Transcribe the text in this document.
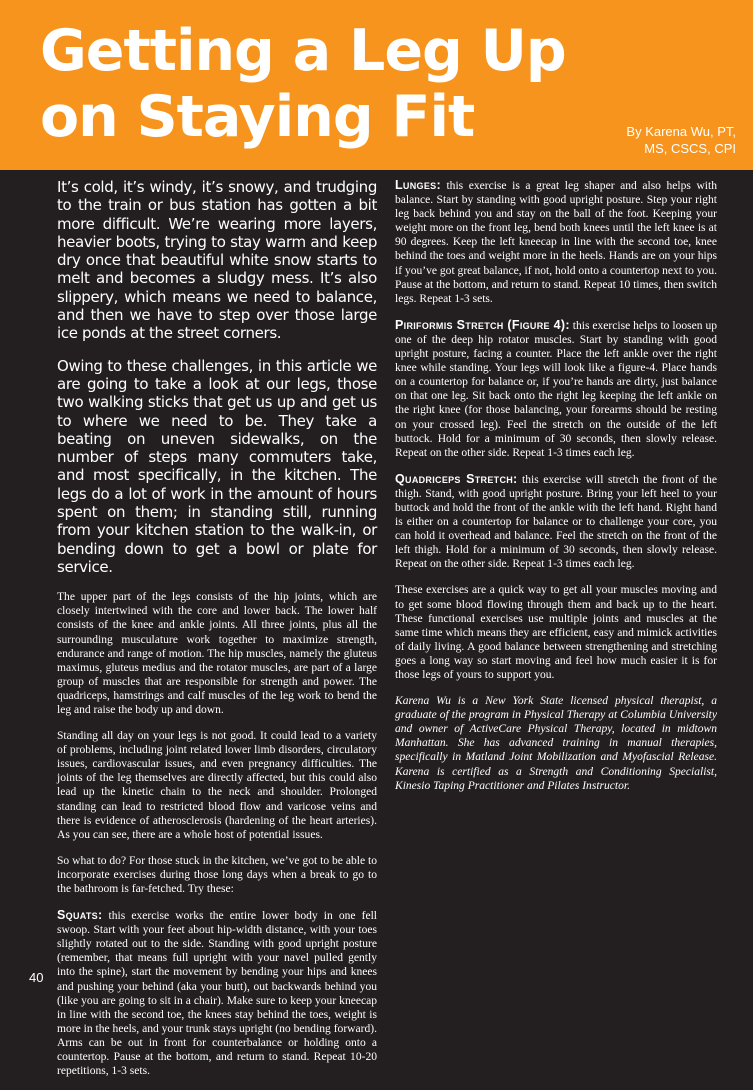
Getting a Leg Up
on Staying Fit	By Karena Wu, PT,
MS, CSCS, CPI

It’s cold, it’s windy, it’s snowy, and trudging to the train or bus station has gotten a bit more difficult. We’re wearing more layers, heavier boots, trying to stay warm and keep dry once that beautiful white snow starts to melt and becomes a sludgy mess. It’s also slippery, which means we need to balance, and then we have to step over those large ice ponds at the street corners.

Owing to these challenges, in this article we are going to take a look at our legs, those two walking sticks that get us up and get us to where we need to be. They take a beating on uneven sidewalks, on the number of steps many commuters take, and most specifically, in the kitchen. The legs do a lot of work in the amount of hours spent on them; in standing still, running from your kitchen station to the walk-in, or bending down to get a bowl or plate for service.

The upper part of the legs consists of the hip joints, which are closely intertwined with the core and lower back. The lower half consists of the knee and ankle joints. All three joints, plus all the surrounding musculature work together to maximize strength, endurance and range of motion. The hip muscles, namely the gluteus maximus, gluteus medius and the rotator muscles, are part of a large group of muscles that are responsible for strength and power. The quadriceps, hamstrings and calf muscles of the leg work to bend the leg and raise the body up and down.

Standing all day on your legs is not good. It could lead to a variety of problems, including joint related lower limb disorders, circulatory issues, cardiovascular issues, and even pregnancy difficulties. The joints of the leg themselves are directly affected, but this could also lead up the kinetic chain to the neck and shoulder. Prolonged standing can lead to restricted blood flow and varicose veins and there is evidence of atherosclerosis (hardening of the heart arteries). As you can see, there are a whole host of potential issues.

So what to do? For those stuck in the kitchen, we’ve got to be able to incorporate exercises during those long days when a break to go to the bathroom is far-fetched. Try these:

Squats: this exercise works the entire lower body in one fell swoop. Start with your feet about hip-width distance, with your toes slightly rotated out to the side. Standing with good upright posture (remember, that means full upright with your navel pulled gently into the spine), start the movement by bending your hips and knees and pushing your behind (aka your butt), out backwards behind you (like you are going to sit in a chair). Make sure to keep your kneecap in line with the second toe, the knees stay behind the toes, weight is more in the heels, and your trunk stays upright (no bending forward). Arms can be out in front for counterbalance or holding onto a countertop. Pause at the bottom, and return to stand. Repeat 10-20 repetitions, 1-3 sets.

Lunges: this exercise is a great leg shaper and also helps with balance. Start by standing with good upright posture. Step your right leg back behind you and stay on the ball of the foot. Keeping your weight more on the front leg, bend both knees until the left knee is at 90 degrees. Keep the left kneecap in line with the second toe, knee behind the toes and weight more in the heels. Hands are on your hips if you’ve got great balance, if not, hold onto a countertop next to you. Pause at the bottom, and return to stand. Repeat 10 times, then switch legs. Repeat 1-3 sets.

Piriformis Stretch (Figure 4): this exercise helps to loosen up one of the deep hip rotator muscles. Start by standing with good upright posture, facing a counter. Place the left ankle over the right knee while standing. Your legs will look like a figure-4. Place hands on a countertop for balance or, if you’re hands are dirty, just balance on that one leg. Sit back onto the right leg keeping the left ankle on the right knee (for those balancing, your forearms should be resting on your crossed leg). Feel the stretch on the outside of the left buttock. Hold for a minimum of 30 seconds, then slowly release. Repeat on the other side. Repeat 1-3 times each leg.

Quadriceps Stretch: this exercise will stretch the front of the thigh. Stand, with good upright posture. Bring your left heel to your buttock and hold the front of the ankle with the left hand. Right hand is either on a countertop for balance or to challenge your core, you can hold it overhead and balance. Feel the stretch on the front of the left thigh. Hold for a minimum of 30 seconds, then slowly release. Repeat on the other side. Repeat 1-3 times each leg.

These exercises are a quick way to get all your muscles moving and to get some blood flowing through them and back up to the heart. These functional exercises use multiple joints and muscles at the same time which means they are efficient, easy and mimick activities of daily living. A good balance between strengthening and stretching goes a long way so start moving and feel how much easier it is for those legs of yours to support you.

Karena Wu is a New York State licensed physical therapist, a graduate of the program in Physical Therapy at Columbia University and owner of ActiveCare Physical Therapy, located in midtown Manhattan. She has advanced training in manual therapies, specifically in Matland Joint Mobilization and Myofascial Release. Karena is certified as a Strength and Conditioning Specialist, Kinesio Taping Practitioner and Pilates Instructor.

40
